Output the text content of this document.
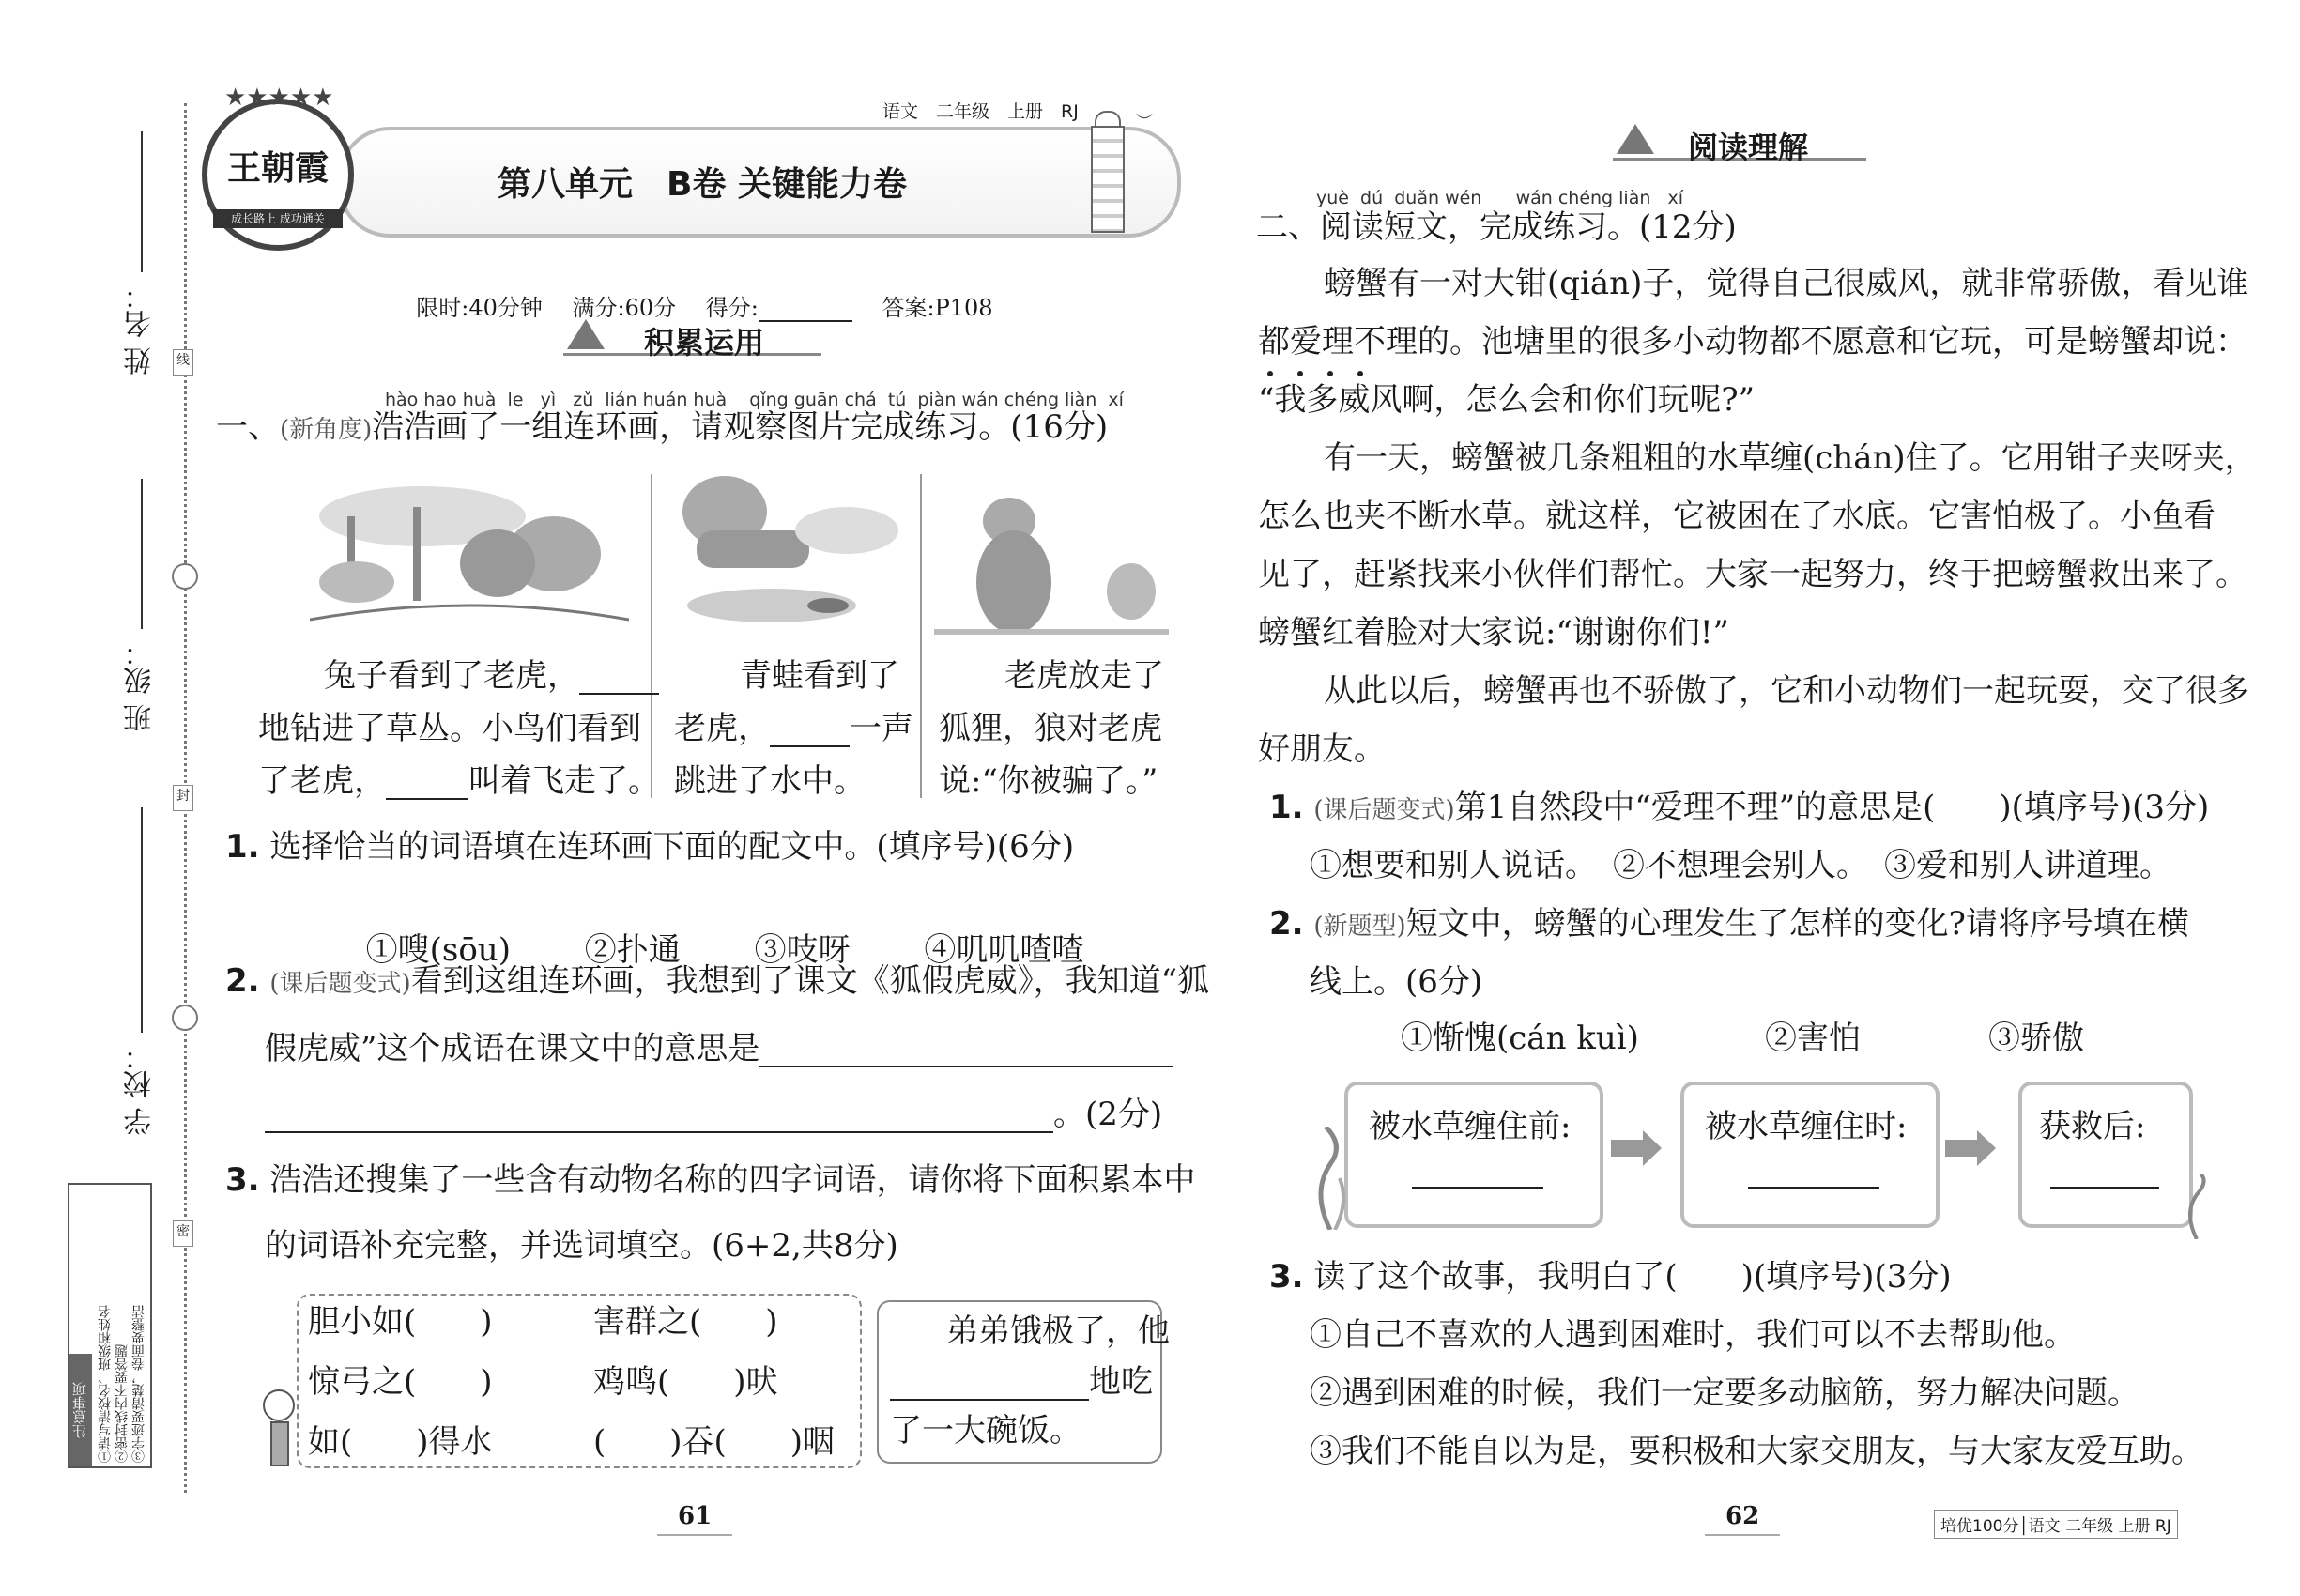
姓 名：
班 级：
学 校：
线
封
密
注意事项 ①请写清校名、班级和姓名 ②密封线内不要答题 ③字迹要清楚，卷面要整洁
★★★★★
王朝霞
成长路上 成功通关
语文　二年级　上册　RJ
第八单元　B卷 关键能力卷
︶

限时:40分钟　 满分:60分　 得分:　	答案:P108

积累运用
hào hao huà  le   yì   zǔ  lián huán huà    qǐng guān chá  tú  piàn wán chéng liàn  xí
一、(新角度)浩浩画了一组连环画，请观察图片完成练习。(16分)
兔子看到了老虎，
地钻进了草丛。小鸟们看到
了老虎，	叫着飞走了。
青蛙看到了
老虎，	一声
跳进了水中。
老虎放走了
狐狸，狼对老虎
说:“你被骗了。”
1. 选择恰当的词语填在连环画下面的配文中。(填序号)(6分)

①嗖(sōu)　　 ②扑通　　 ③吱呀　　 ④叽叽喳喳

2. (课后题变式)看到这组连环画，我想到了课文《狐假虎威》，我知道“狐
假虎威”这个成语在课文中的意思是
。(2分)
3. 浩浩还搜集了一些含有动物名称的四字词语，请你将下面积累本中
的词语补充完整，并选词填空。(6+2,共8分)
胆小如(　　)	害群之(　　)
惊弓之(　　)	鸡鸣(　　)吠
如(　　)得水	(　　)吞(　　)咽
弟弟饿极了，他
地吃
了一大碗饭。
61
阅读理解
yuè  dú  duǎn wén      wán chéng liàn   xí
二、阅读短文，完成练习。(12分)
螃蟹有一对大钳(qián)子，觉得自己很威风，就非常骄傲，看见谁
都爱理不理的。池塘里的很多小动物都不愿意和它玩，可是螃蟹却说：
“我多威风啊，怎么会和你们玩呢?”
有一天，螃蟹被几条粗粗的水草缠(chán)住了。它用钳子夹呀夹，
怎么也夹不断水草。就这样，它被困在了水底。它害怕极了。小鱼看
见了，赶紧找来小伙伴们帮忙。大家一起努力，终于把螃蟹救出来了。
螃蟹红着脸对大家说:“谢谢你们!”
从此以后，螃蟹再也不骄傲了，它和小动物们一起玩耍，交了很多
好朋友。
1. (课后题变式)第1自然段中“爱理不理”的意思是(　　)(填序号)(3分)
①想要和别人说话。　②不想理会别人。　③爱和别人讲道理。
2. (新题型)短文中，螃蟹的心理发生了怎样的变化?请将序号填在横
线上。(6分)
①惭愧(cán kuì)	②害怕	③骄傲
被水草缠住前:	被水草缠住时:	获救后:
3. 读了这个故事，我明白了(　　)(填序号)(3分)
①自己不喜欢的人遇到困难时，我们可以不去帮助他。
②遇到困难的时候，我们一定要多动脑筋，努力解决问题。
③我们不能自以为是，要积极和大家交朋友，与大家友爱互助。
62	培优100分│语文 二年级 上册 RJ
